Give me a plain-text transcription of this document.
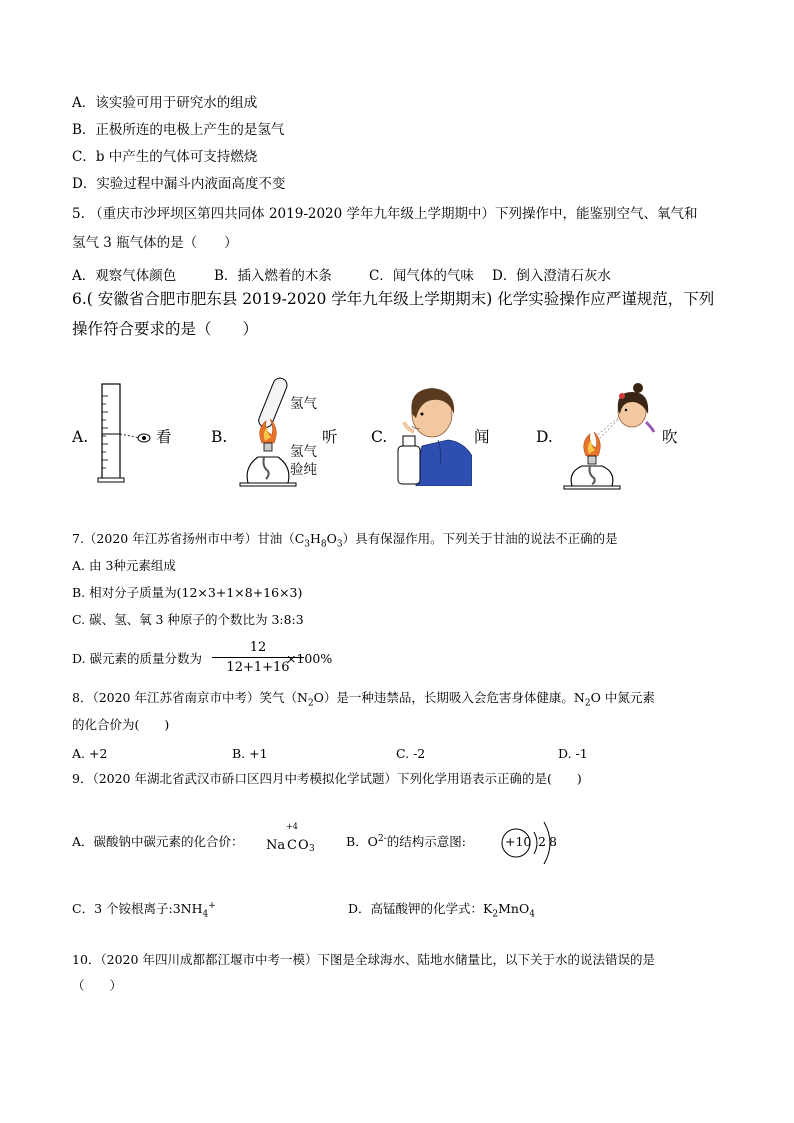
A．该实验可用于研究水的组成
B．正极所连的电极上产生的是氢气
C．b 中产生的气体可支持燃烧
D．实验过程中漏斗内液面高度不变
5. （重庆市沙坪坝区第四共同体 2019-2020 学年九年级上学期期中）下列操作中，能鉴别空气、氧气和
氢气 3 瓶气体的是（　　）
A．观察气体颜色	B．插入燃着的木条	C．闻气体的气味 D．倒入澄清石灰水
6.( 安徽省合肥市肥东县 2019-2020 学年九年级上学期期末) 化学实验操作应严谨规范，下列
操作符合要求的是（　　）
A.	看	B.
氢气
氢气
验纯
听 C.	闻	D.	吹
7.（2020 年江苏省扬州市中考）甘油$(C_3H_8O_3)$具有保湿作用。下列关于甘油的说法不正确的是
A. 由 3种元素组成
B. 相对分子质量为(12×3+1×8+16×3)
C. 碳、氢、氧 3 种原子的个数比为 3:8:3
D. 碳元素的质量分数为
12
12+1+16
×100%
8．（2020 年江苏省南京市中考）笑气$(N_2O)$是一种违禁品，长期吸入会危害身体健康。$N_2O$ 中氮元素
的化合价为(　　)
A. +2	B. +1	C. -2	D. -1
9．（2020 年湖北省武汉市硚口区四月中考模拟化学试题）下列化学用语表示正确的是(　　)
A．碳酸钠中碳元素的化合价：
+4
Na C O 3	B．$O^{2-}$的结构示意图:	+10 2 8
C．3 个铵根离子$:3NH_4^+$	D．高锰酸钾的化学式：$K_2MnO_4$
10．（2020 年四川成都都江堰市中考一模）下图是全球海水、陆地水储量比，以下关于水的说法错误的是
（　　）
